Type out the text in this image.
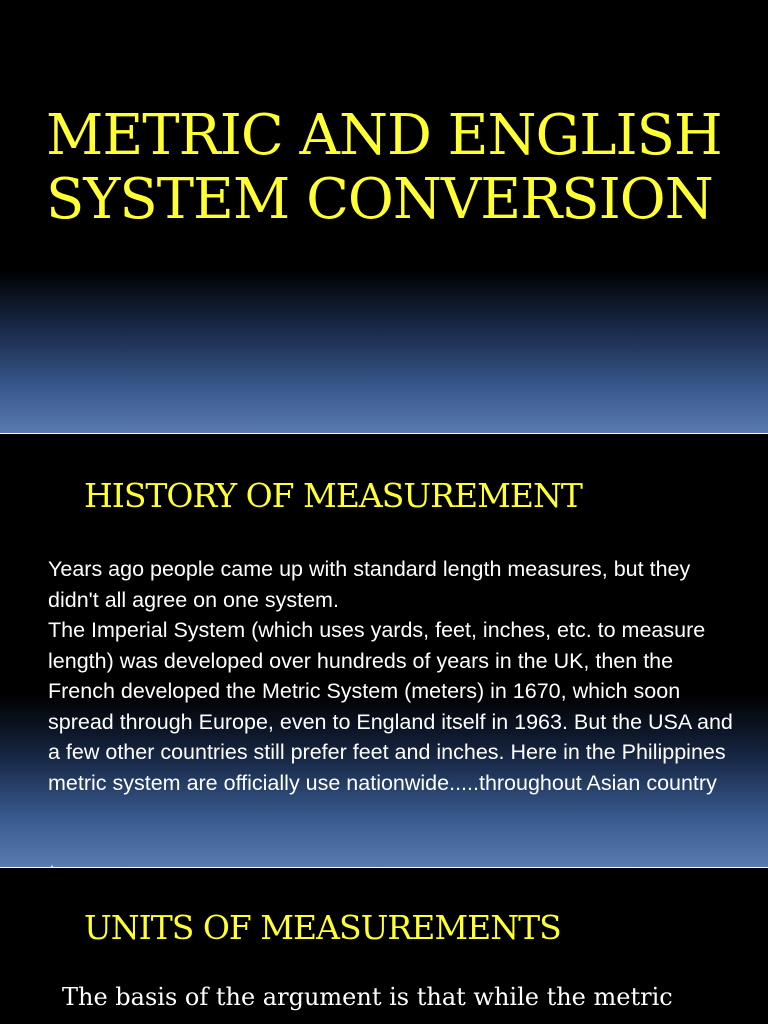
METRIC AND ENGLISH
SYSTEM CONVERSION
HISTORY OF MEASUREMENT

Years ago people came up with standard length measures, but they didn't all agree on one system.

The Imperial System (which uses yards, feet, inches, etc. to measure length) was developed over hundreds of years in the UK, then the French developed the Metric System (meters) in 1670, which soon spread through Europe, even to England itself in 1963. But the USA and a few other countries still prefer feet and inches. Here in the Philippines metric system are officially use nationwide.....throughout Asian country

.
UNITS OF MEASUREMENTS
The basis of the argument is that while the metric
